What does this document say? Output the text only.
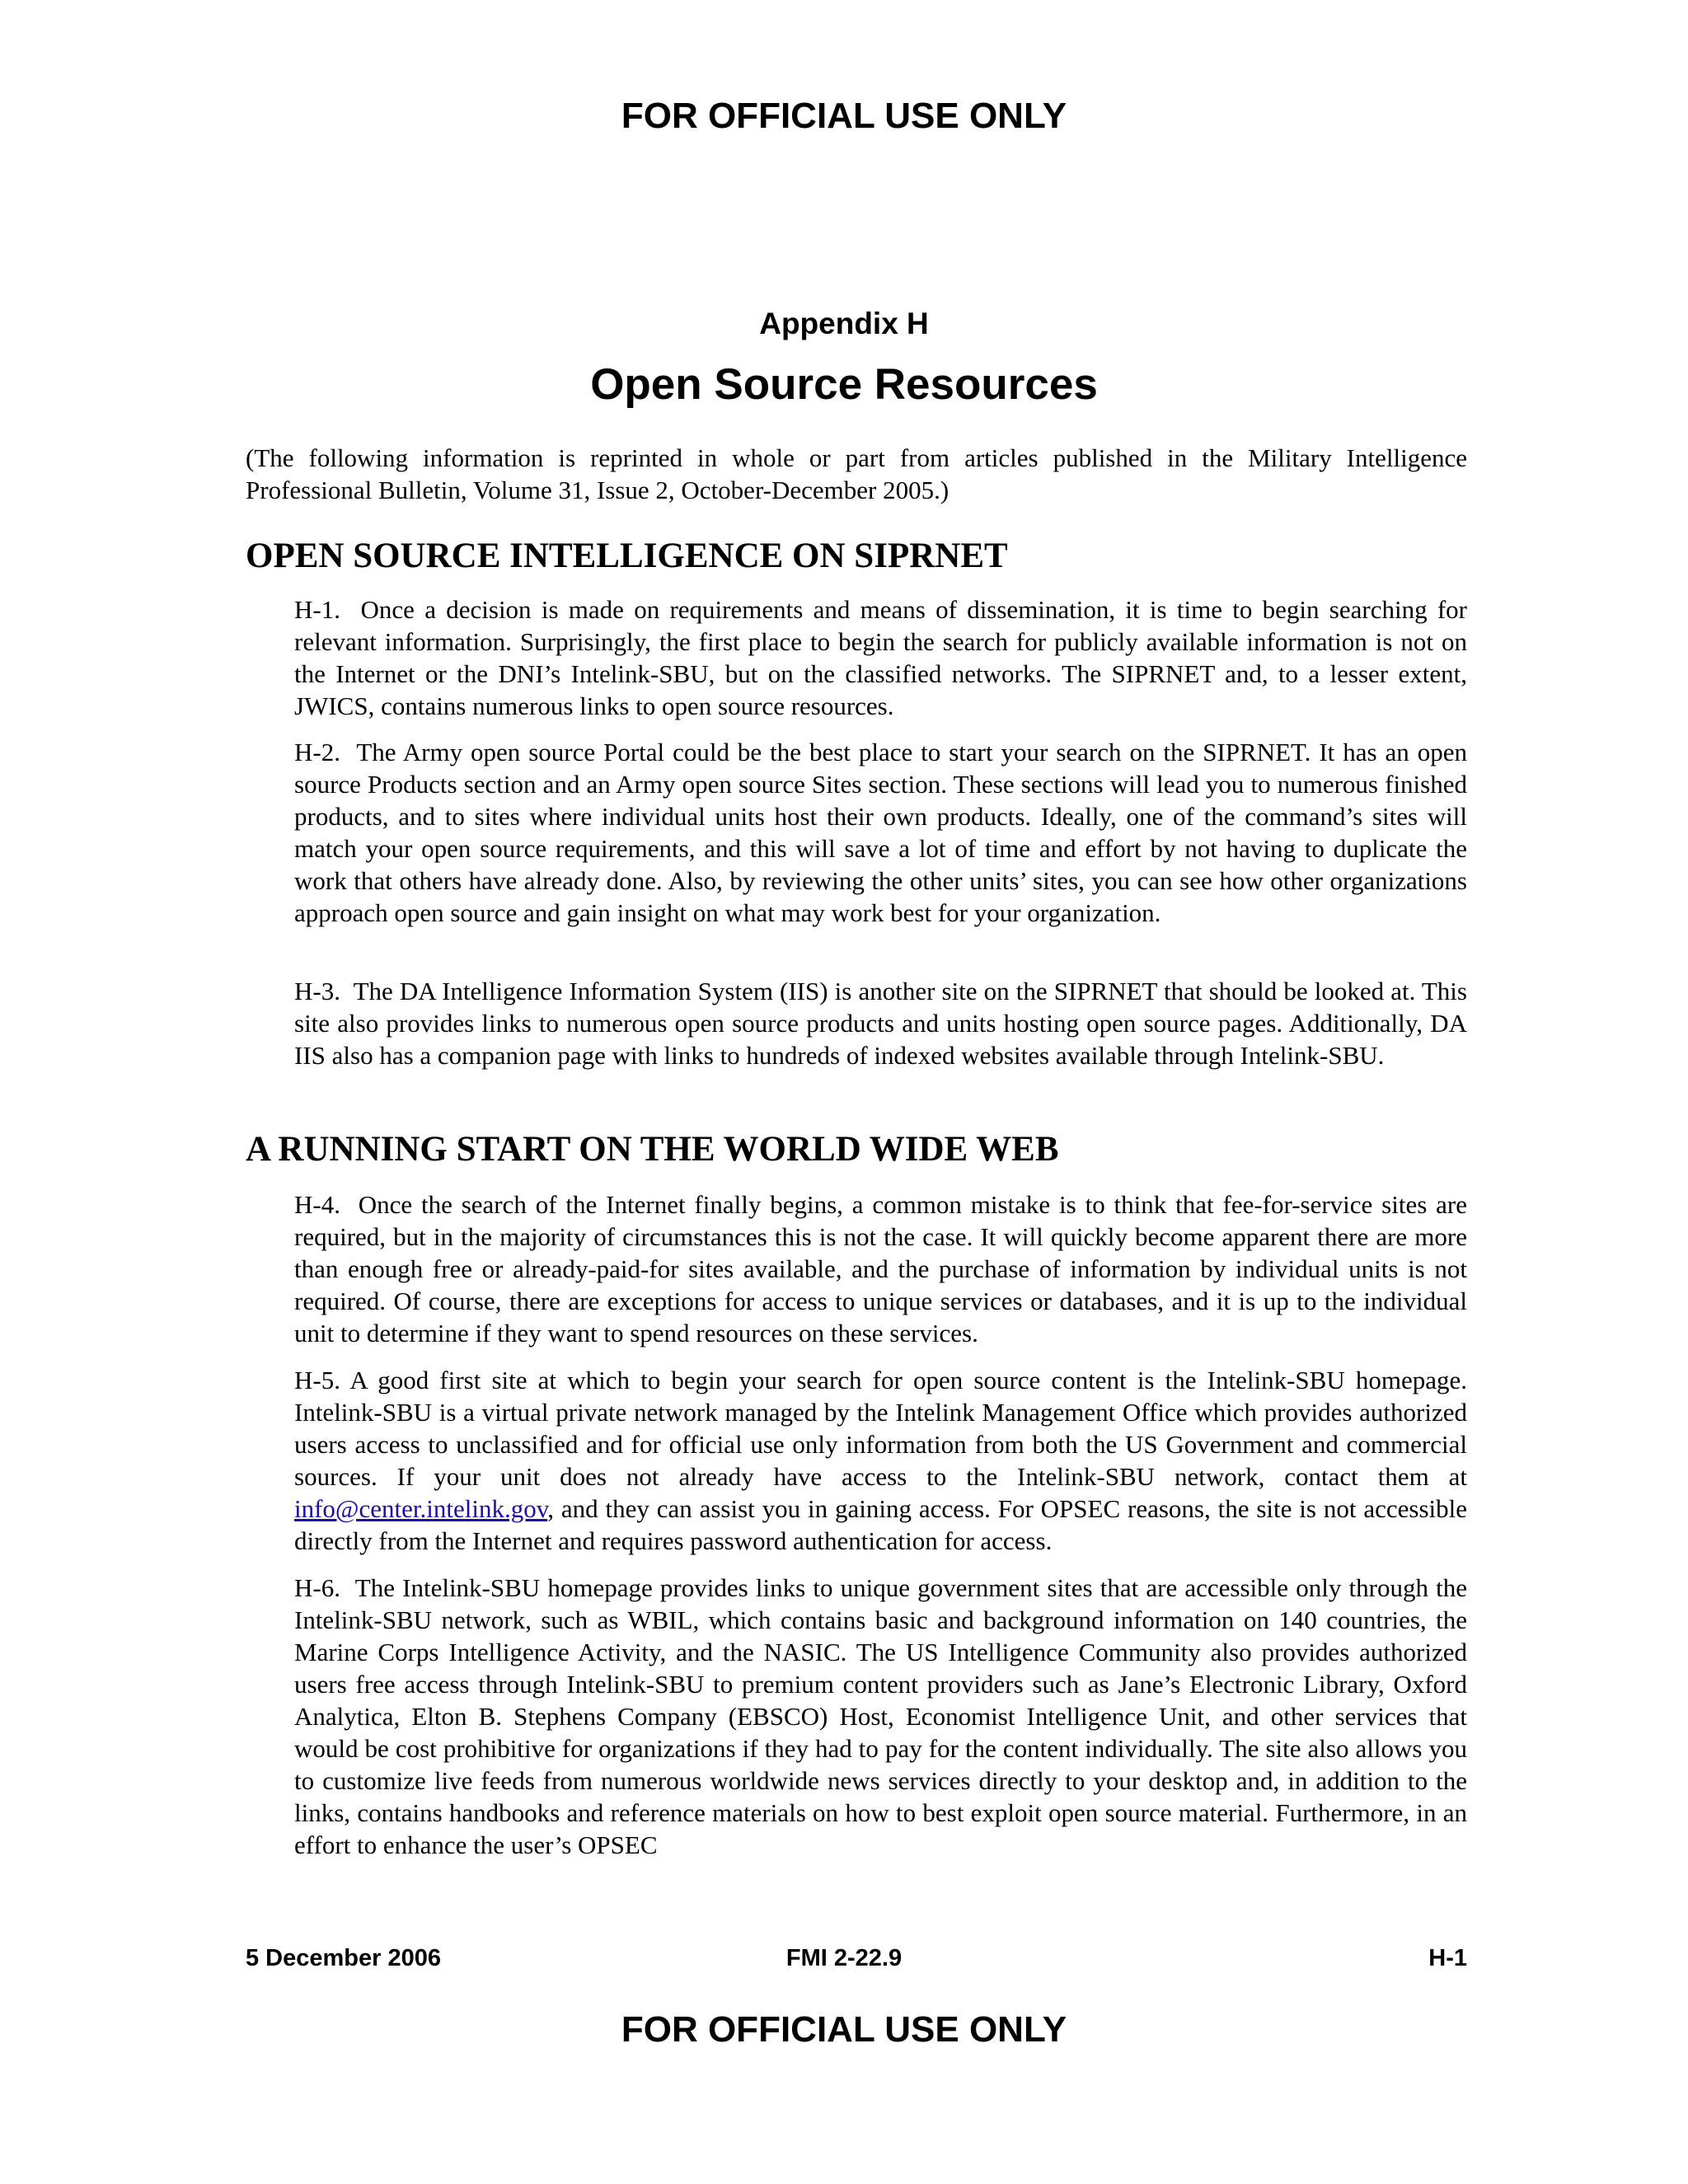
FOR OFFICIAL USE ONLY
Appendix H
Open Source Resources
(The following information is reprinted in whole or part from articles published in the Military Intelligence Professional Bulletin, Volume 31, Issue 2, October-December 2005.)
OPEN SOURCE INTELLIGENCE ON SIPRNET
H-1. Once a decision is made on requirements and means of dissemination, it is time to begin searching for relevant information. Surprisingly, the first place to begin the search for publicly available information is not on the Internet or the DNI’s Intelink-SBU, but on the classified networks. The SIPRNET and, to a lesser extent, JWICS, contains numerous links to open source resources.
H-2. The Army open source Portal could be the best place to start your search on the SIPRNET. It has an open source Products section and an Army open source Sites section. These sections will lead you to numerous finished products, and to sites where individual units host their own products. Ideally, one of the command’s sites will match your open source requirements, and this will save a lot of time and effort by not having to duplicate the work that others have already done. Also, by reviewing the other units’ sites, you can see how other organizations approach open source and gain insight on what may work best for your organization.
H-3. The DA Intelligence Information System (IIS) is another site on the SIPRNET that should be looked at. This site also provides links to numerous open source products and units hosting open source pages. Additionally, DA IIS also has a companion page with links to hundreds of indexed websites available through Intelink-SBU.
A RUNNING START ON THE WORLD WIDE WEB
H-4. Once the search of the Internet finally begins, a common mistake is to think that fee-for-service sites are required, but in the majority of circumstances this is not the case. It will quickly become apparent there are more than enough free or already-paid-for sites available, and the purchase of information by individual units is not required. Of course, there are exceptions for access to unique services or databases, and it is up to the individual unit to determine if they want to spend resources on these services.
H-5. A good first site at which to begin your search for open source content is the Intelink-SBU homepage. Intelink-SBU is a virtual private network managed by the Intelink Management Office which provides authorized users access to unclassified and for official use only information from both the US Government and commercial sources. If your unit does not already have access to the Intelink-SBU network, contact them at info@center.intelink.gov, and they can assist you in gaining access. For OPSEC reasons, the site is not accessible directly from the Internet and requires password authentication for access.
H-6. The Intelink-SBU homepage provides links to unique government sites that are accessible only through the Intelink-SBU network, such as WBIL, which contains basic and background information on 140 countries, the Marine Corps Intelligence Activity, and the NASIC. The US Intelligence Community also provides authorized users free access through Intelink-SBU to premium content providers such as Jane’s Electronic Library, Oxford Analytica, Elton B. Stephens Company (EBSCO) Host, Economist Intelligence Unit, and other services that would be cost prohibitive for organizations if they had to pay for the content individually. The site also allows you to customize live feeds from numerous worldwide news services directly to your desktop and, in addition to the links, contains handbooks and reference materials on how to best exploit open source material. Furthermore, in an effort to enhance the user’s OPSEC
5 December 2006	FMI 2-22.9	H-1
FOR OFFICIAL USE ONLY
